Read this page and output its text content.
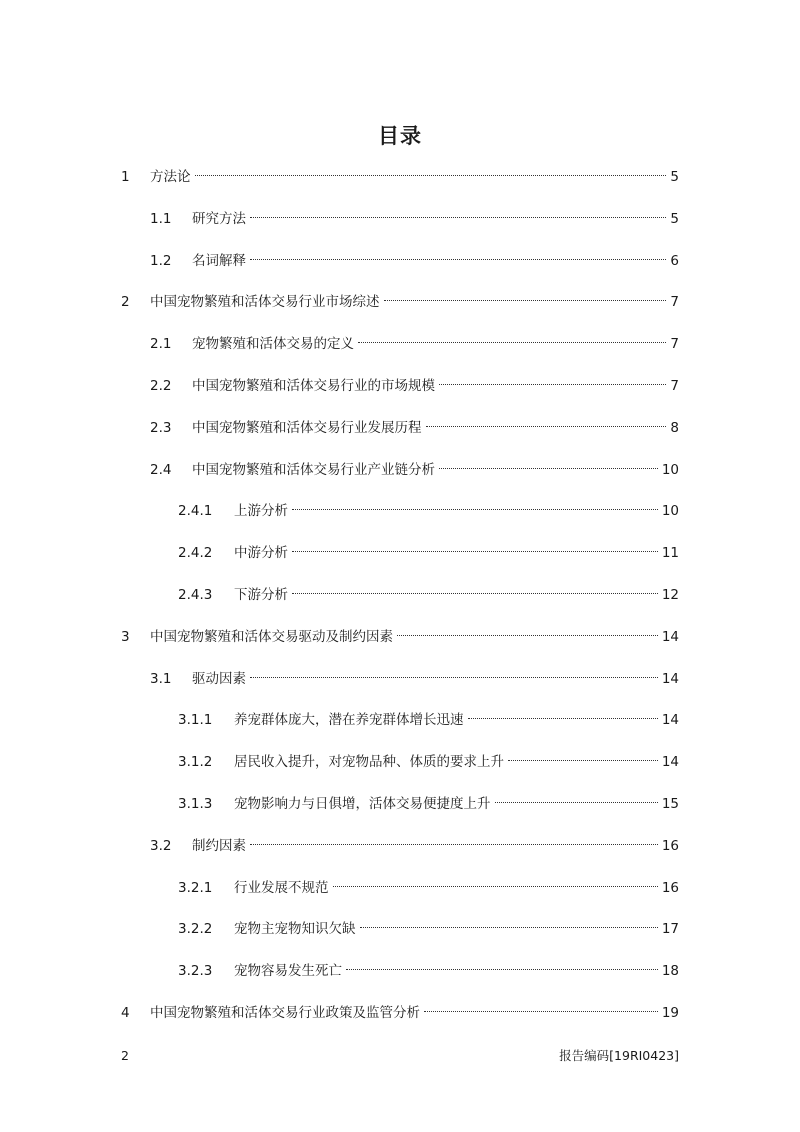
目录
1 方法论	5
1.1 研究方法	5
1.2 名词解释	6
2 中国宠物繁殖和活体交易行业市场综述	7
2.1 宠物繁殖和活体交易的定义	7
2.2 中国宠物繁殖和活体交易行业的市场规模	7
2.3 中国宠物繁殖和活体交易行业发展历程	8
2.4 中国宠物繁殖和活体交易行业产业链分析	10
2.4.1 上游分析	10
2.4.2 中游分析	11
2.4.3 下游分析	12
3 中国宠物繁殖和活体交易驱动及制约因素	14
3.1 驱动因素	14
3.1.1 养宠群体庞大，潜在养宠群体增长迅速	14
3.1.2 居民收入提升，对宠物品种、体质的要求上升	14
3.1.3 宠物影响力与日俱增，活体交易便捷度上升	15
3.2 制约因素	16
3.2.1 行业发展不规范	16
3.2.2 宠物主宠物知识欠缺	17
3.2.3 宠物容易发生死亡	18
4 中国宠物繁殖和活体交易行业政策及监管分析	19
2	报告编码[19RI0423]
